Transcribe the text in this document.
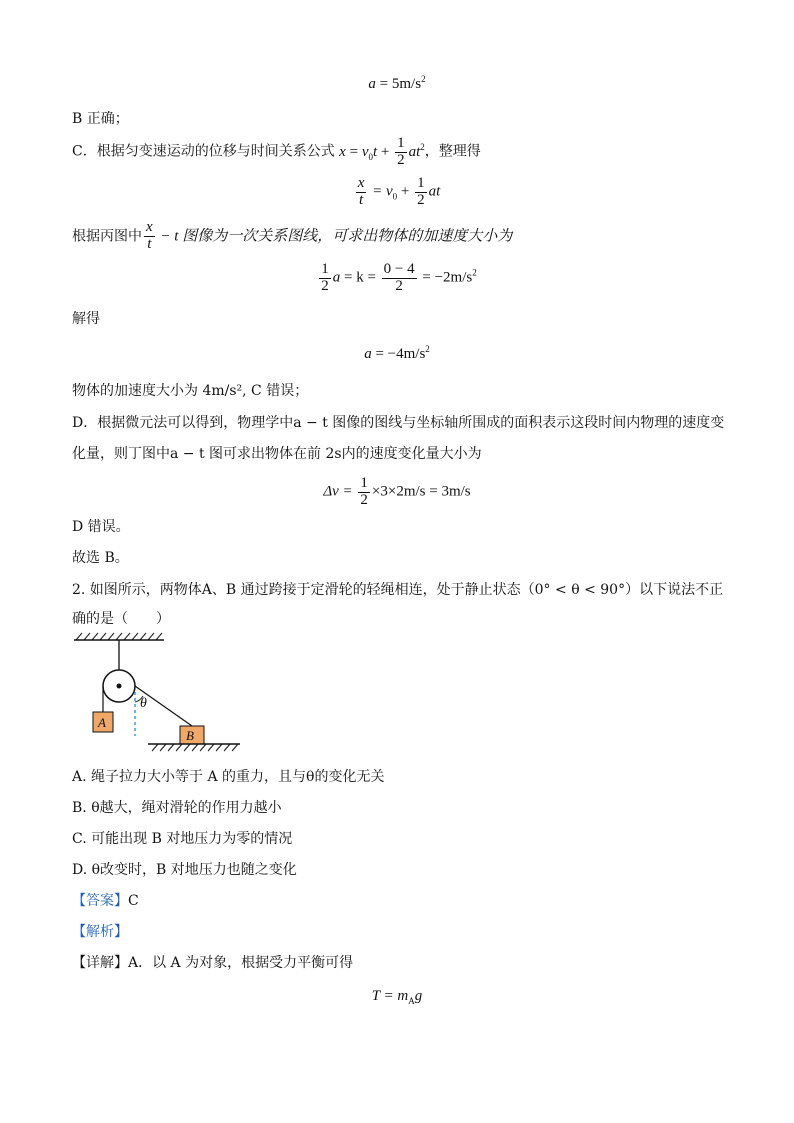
$a = 5m/s^2$
B 正确；
C．根据匀变速运动的位移与时间关系公式 $x = v_0t + \frac{1}{2} at^2$，整理得
$\frac{x}{t} = v_0 + \frac{1}{2}$ at
根据丙图中 $\frac{x}{t} - t$ 图像为一次关系图线，可求出物体的加速度大小为
$\frac{1}{2}$ $a = k = \frac{0 - 4}{2} = -2m/s^2$
解得
$a = -4m/s^2$
物体的加速度大小为 4m/s², C 错误；
D．根据微元法可以得到，物理学中a − t 图像的图线与坐标轴所围成的面积表示这段时间内物理的速度变
化量，则丁图中a − t 图可求出物体在前 2s内的速度变化量大小为
$\Delta v = \frac{1}{2} \times 3\times 2m/s = 3m/s$
D 错误。
故选 B。
2. 如图所示，两物体A、B 通过跨接于定滑轮的轻绳相连，处于静止状态（0° < θ < 90°）以下说法不正
确的是（　　）
θ
A
B
A. 绳子拉力大小等于 A 的重力，且与θ的变化无关
B. θ越大，绳对滑轮的作用力越小
C. 可能出现 B 对地压力为零的情况
D. θ改变时，B 对地压力也随之变化
【答案】C
【解析】
【详解】A．以 A 为对象，根据受力平衡可得
$T = m_Ag$
